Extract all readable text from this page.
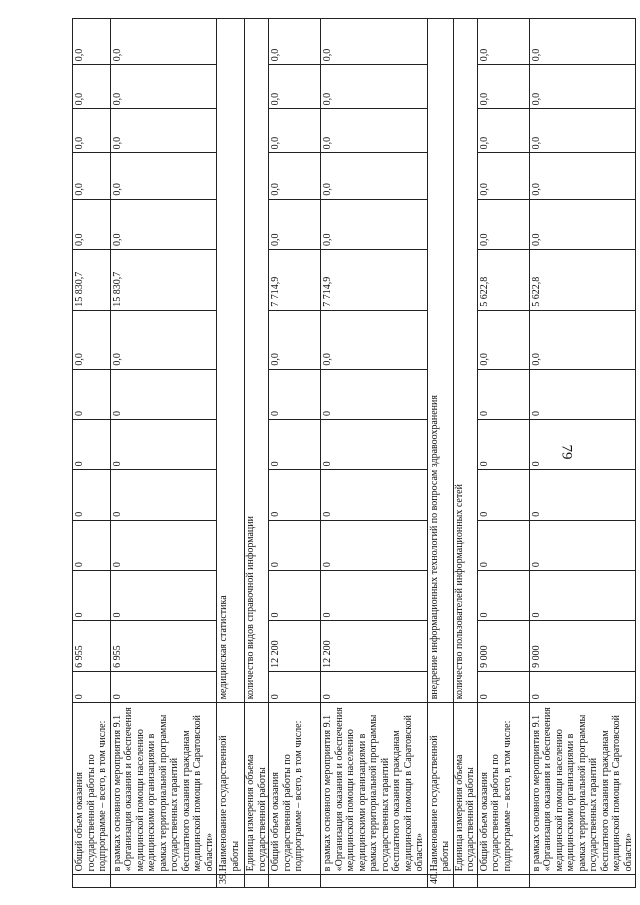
79
	Общий объем оказания государственной работы по подпрограмме – всего, в том числе:	0	6 955	0	0	0	0	0	0,0	15 830,7	0,0	0,0	0,0	0,0	0,0
	в рамках основного мероприятия 9.1 «Организация оказания и обеспечения медицинской помощи населению медицинскими организациями в рамках территориальной программы государственных гарантий бесплатного оказания гражданам медицинской помощи в Саратовской области»	0	6 955	0	0	0	0	0	0,0	15 830,7	0,0	0,0	0,0	0,0	0,0
39.	Наименование государственной работы	медицинская статистика													
	Единица измерения объема государственной работы	количество видов справочной информации													
	Общий объем оказания государственной работы по подпрограмме – всего, в том числе:	0	12 200	0	0	0	0	0	0,0	7 714,9	0,0	0,0	0,0	0,0	0,0
	в рамках основного мероприятия 9.1 «Организация оказания и обеспечения медицинской помощи населению медицинскими организациями в рамках территориальной программы государственных гарантий бесплатного оказания гражданам медицинской помощи в Саратовской области»	0	12 200	0	0	0	0	0	0,0	7 714,9	0,0	0,0	0,0	0,0	0,0
40.	Наименование государственной работы	внедрение информационных технологий по вопросам здравоохранения													
	Единица измерения объема государственной работы	количество пользователей информационных сетей													
	Общий объем оказания государственной работы по подпрограмме – всего, в том числе:	0	9 000	0	0	0	0	0	0,0	5 622,8	0,0	0,0	0,0	0,0	0,0
	в рамках основного мероприятия 9.1 «Организация оказания и обеспечения медицинской помощи населению медицинскими организациями в рамках территориальной программы государственных гарантий бесплатного оказания гражданам медицинской помощи в Саратовской области»	0	9 000	0	0	0	0	0	0,0	5 622,8	0,0	0,0	0,0	0,0	0,0
